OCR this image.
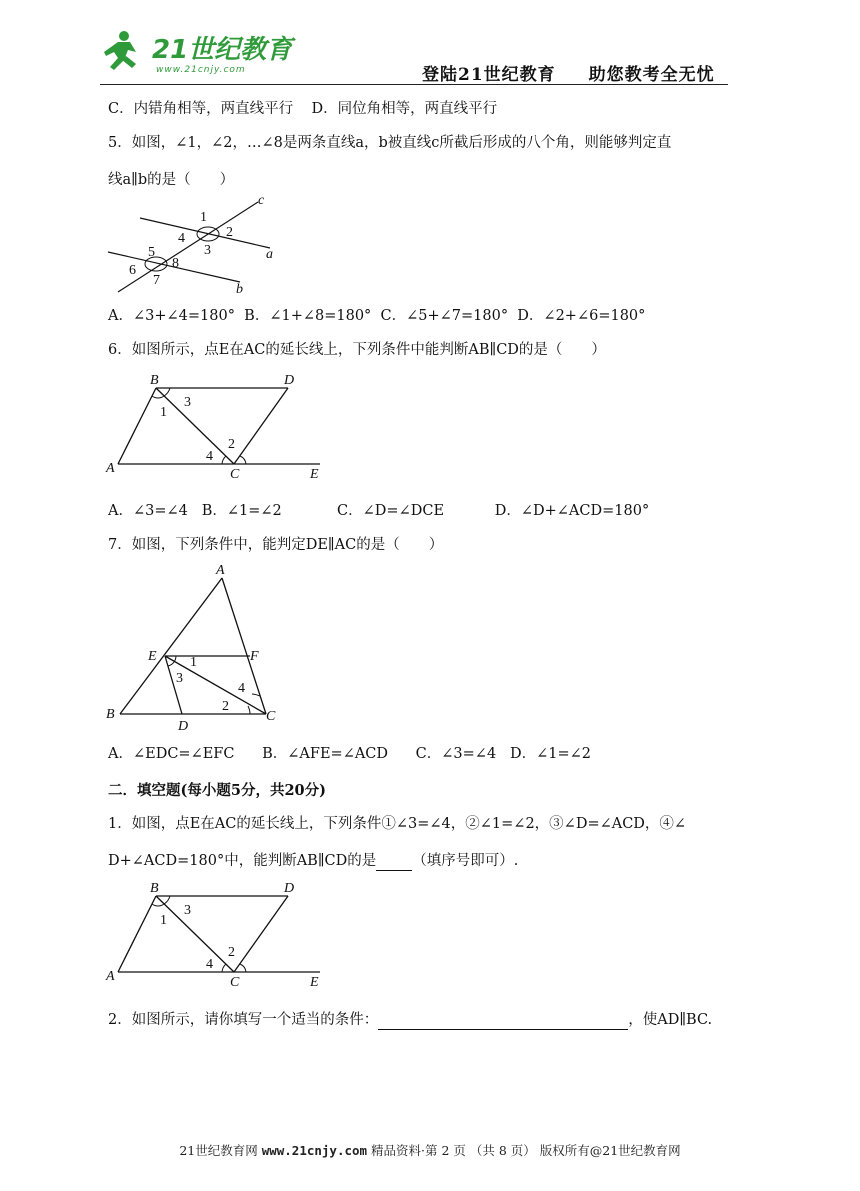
21世纪教育
www.21cnjy.com	登陆21世纪教育 助您教考全无忧
C．内错角相等，两直线平行 D．同位角相等，两直线平行
5．如图，∠1，∠2，…∠8是两条直线a，b被直线c所截后形成的八个角，则能够判定直
线a∥b的是（　　）
1
2
3
4
5
6
7
8
a
b
c
A．∠3+∠4=180°  B．∠1+∠8=180°  C．∠5+∠7=180°  D．∠2+∠6=180°
6．如图所示，点E在AC的延长线上，下列条件中能判断AB∥CD的是（　　）
B	D
1
3
2
4
A	C	E
A．∠3=∠4   B．∠1=∠2            C．∠D=∠DCE           D．∠D+∠ACD=180°
7．如图，下列条件中，能判定DE∥AC的是（　　）
A
E	F
1
3
4
2
B
D
C
A．∠EDC=∠EFC      B．∠AFE=∠ACD      C．∠3=∠4   D．∠1=∠2
二．填空题(每小题5分，共20分)
1．如图，点E在AC的延长线上，下列条件①∠3=∠4，②∠1=∠2，③∠D=∠ACD，④∠
D+∠ACD=180°中，能判断AB∥CD的是 （填序号即可）.
B	D
1
3
2
4
A	C	E
2．如图所示，请你填写一个适当的条件：	，使AD∥BC.
21世纪教育网 www.21cnjy.com 精品资料·第 2 页 （共 8 页） 版权所有@21世纪教育网
